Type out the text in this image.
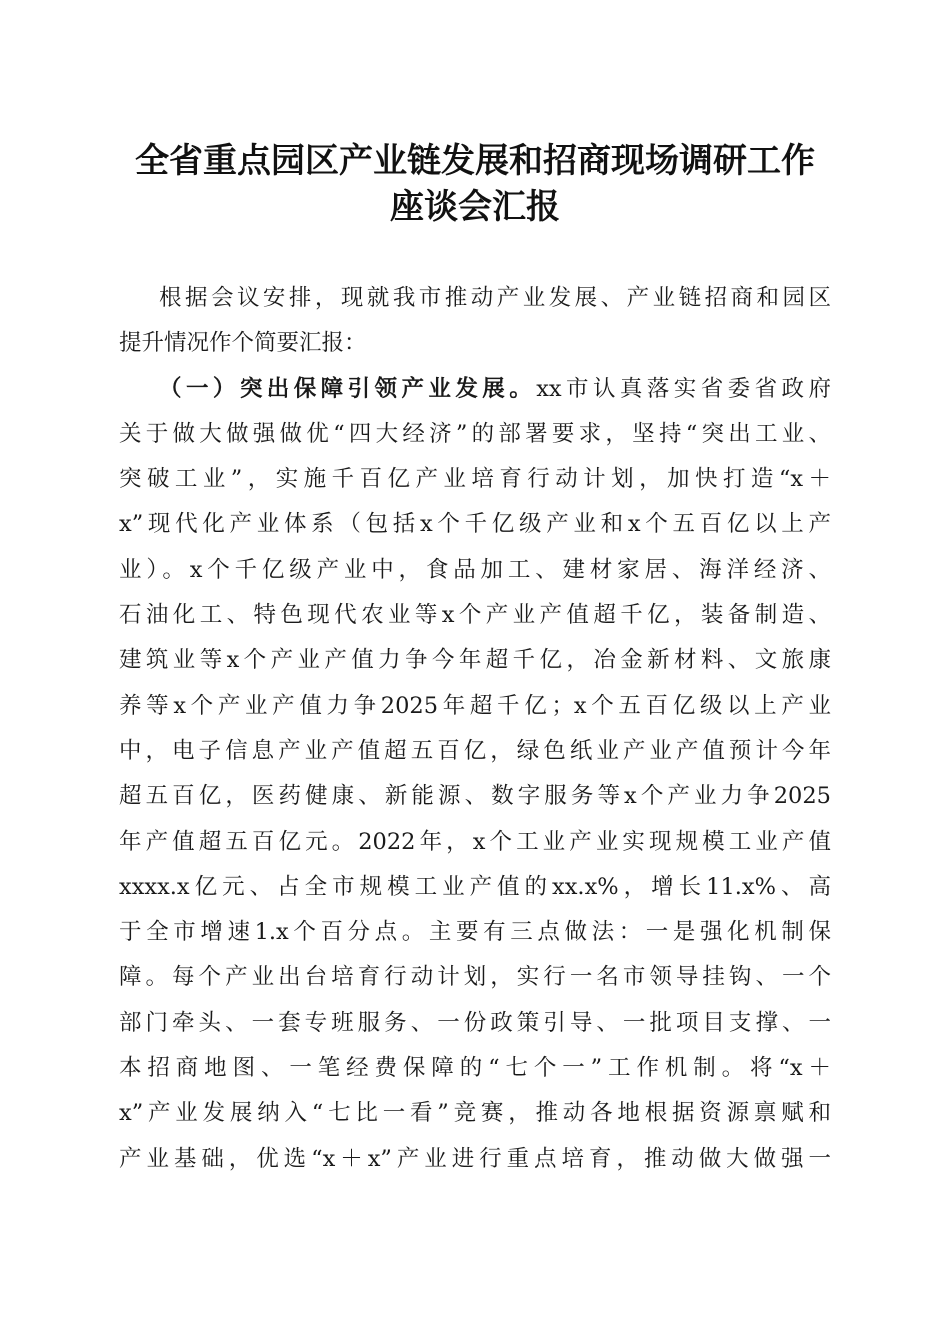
全省重点园区产业链发展和招商现场调研工作
座谈会汇报
根据会议安排，现就我市推动产业发展、产业链招商和园区
提升情况作个简要汇报：
（一）突出保障引领产业发展。xx市认真落实省委省政府
关于做大做强做优“四大经济”的部署要求，坚持“突出工业、
突破工业”，实施千百亿产业培育行动计划，加快打造“x＋
x”现代化产业体系（包括x个千亿级产业和x个五百亿以上产
业）。x个千亿级产业中，食品加工、建材家居、海洋经济、
石油化工、特色现代农业等x个产业产值超千亿，装备制造、
建筑业等x个产业产值力争今年超千亿，冶金新材料、文旅康
养等x个产业产值力争2025年超千亿；x个五百亿级以上产业
中，电子信息产业产值超五百亿，绿色纸业产业产值预计今年
超五百亿，医药健康、新能源、数字服务等x个产业力争2025
年产值超五百亿元。2022年，x个工业产业实现规模工业产值
xxxx.x亿元、占全市规模工业产值的xx.x%，增长11.x%、高
于全市增速1.x个百分点。主要有三点做法：一是强化机制保
障。每个产业出台培育行动计划，实行一名市领导挂钩、一个
部门牵头、一套专班服务、一份政策引导、一批项目支撑、一
本招商地图、一笔经费保障的“七个一”工作机制。将“x＋
x”产业发展纳入“七比一看”竞赛，推动各地根据资源禀赋和
产业基础，优选“x＋x”产业进行重点培育，推动做大做强一
